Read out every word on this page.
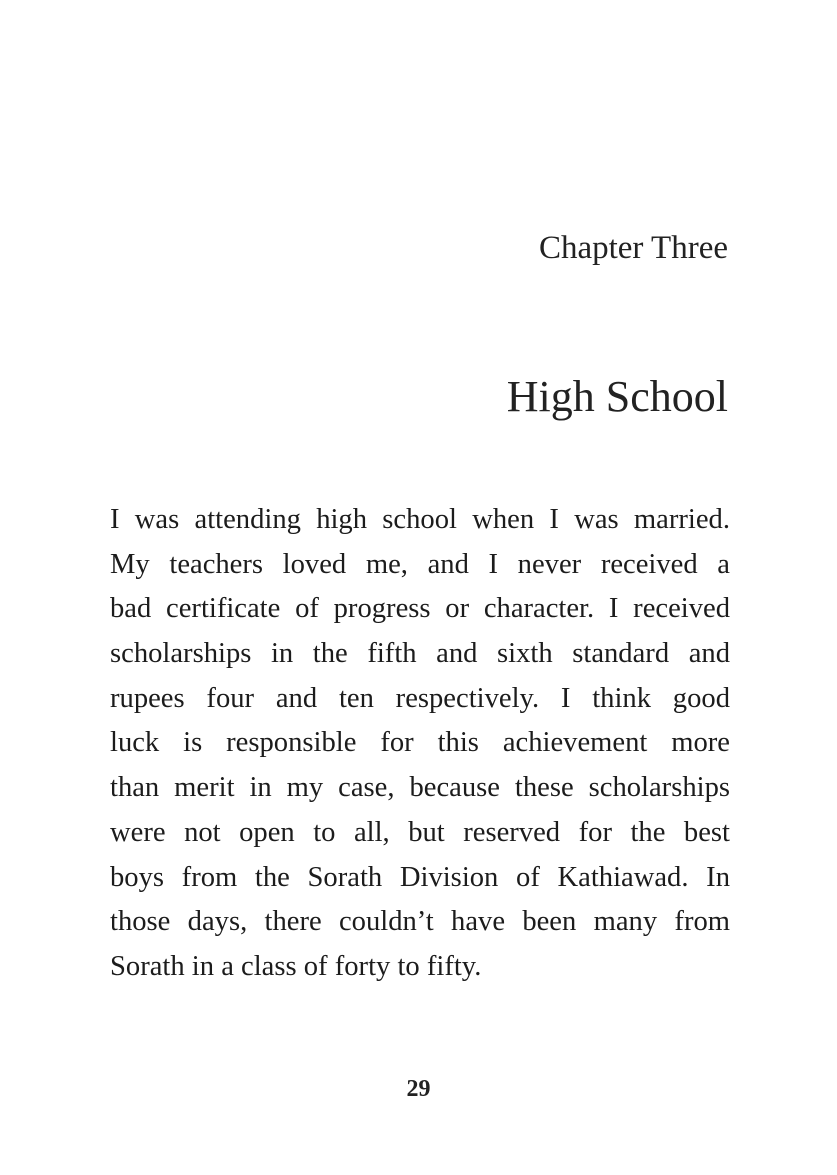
Chapter Three
High School
I was attending high school when I was married.
My teachers loved me, and I never received a
bad certificate of progress or character. I received
scholarships in the fifth and sixth standard and
rupees four and ten respectively. I think good
luck is responsible for this achievement more
than merit in my case, because these scholarships
were not open to all, but reserved for the best
boys from the Sorath Division of Kathiawad. In
those days, there couldn’t have been many from
Sorath in a class of forty to fifty.
29
